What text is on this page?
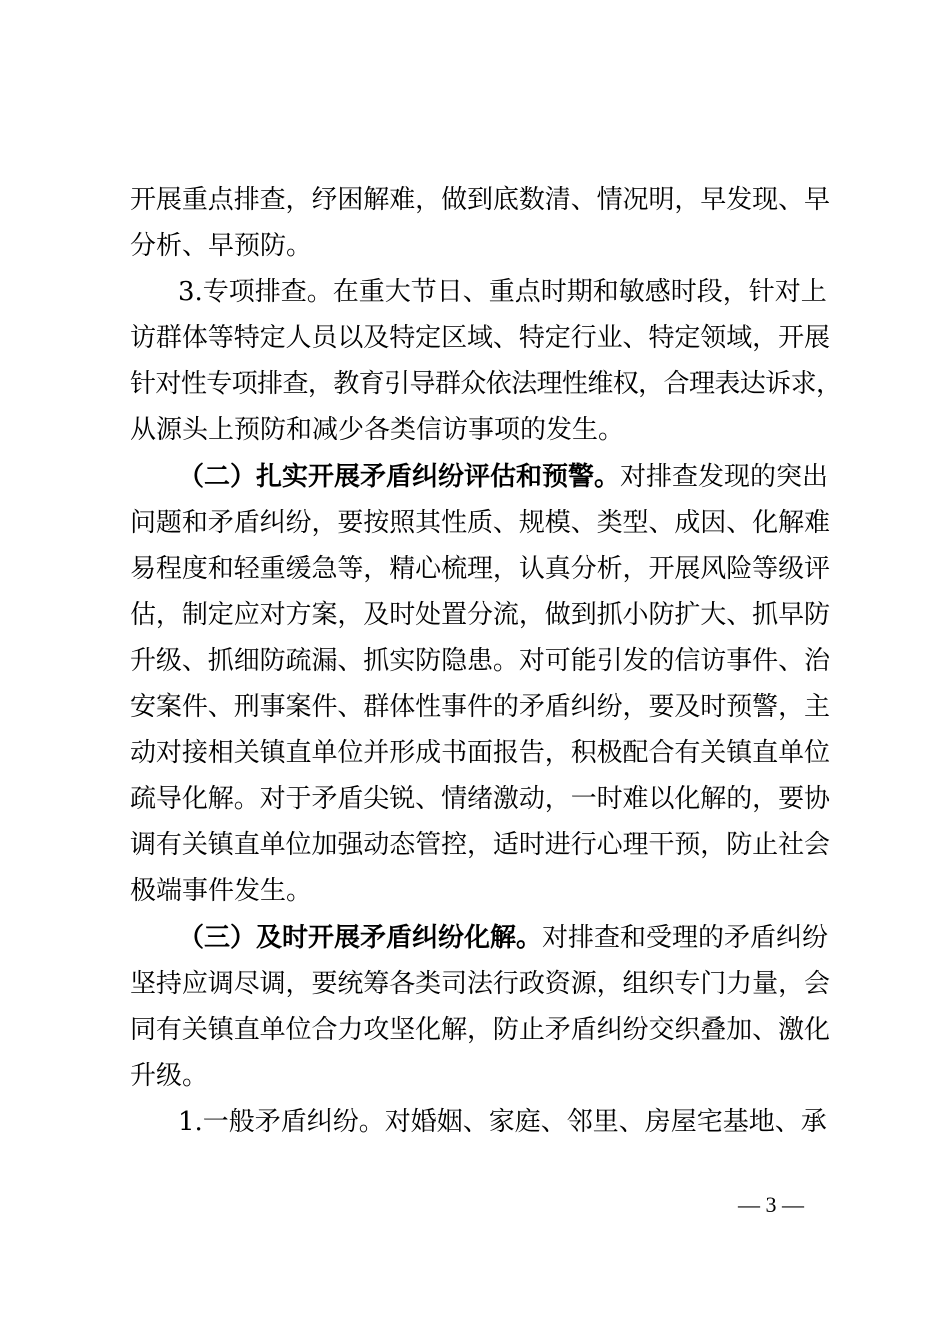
开展重点排查，纾困解难，做到底数清、情况明，早发现、早
分析、早预防。
3.专项排查。在重大节日、重点时期和敏感时段，针对上
访群体等特定人员以及特定区域、特定行业、特定领域，开展
针对性专项排查，教育引导群众依法理性维权，合理表达诉求，
从源头上预防和减少各类信访事项的发生。
（二）扎实开展矛盾纠纷评估和预警。对排查发现的突出
问题和矛盾纠纷，要按照其性质、规模、类型、成因、化解难
易程度和轻重缓急等，精心梳理，认真分析，开展风险等级评
估，制定应对方案，及时处置分流，做到抓小防扩大、抓早防
升级、抓细防疏漏、抓实防隐患。对可能引发的信访事件、治
安案件、刑事案件、群体性事件的矛盾纠纷，要及时预警，主
动对接相关镇直单位并形成书面报告，积极配合有关镇直单位
疏导化解。对于矛盾尖锐、情绪激动，一时难以化解的，要协
调有关镇直单位加强动态管控，适时进行心理干预，防止社会
极端事件发生。
（三）及时开展矛盾纠纷化解。对排查和受理的矛盾纠纷
坚持应调尽调，要统筹各类司法行政资源，组织专门力量，会
同有关镇直单位合力攻坚化解，防止矛盾纠纷交织叠加、激化
升级。
1.一般矛盾纠纷。对婚姻、家庭、邻里、房屋宅基地、承
— 3 —
